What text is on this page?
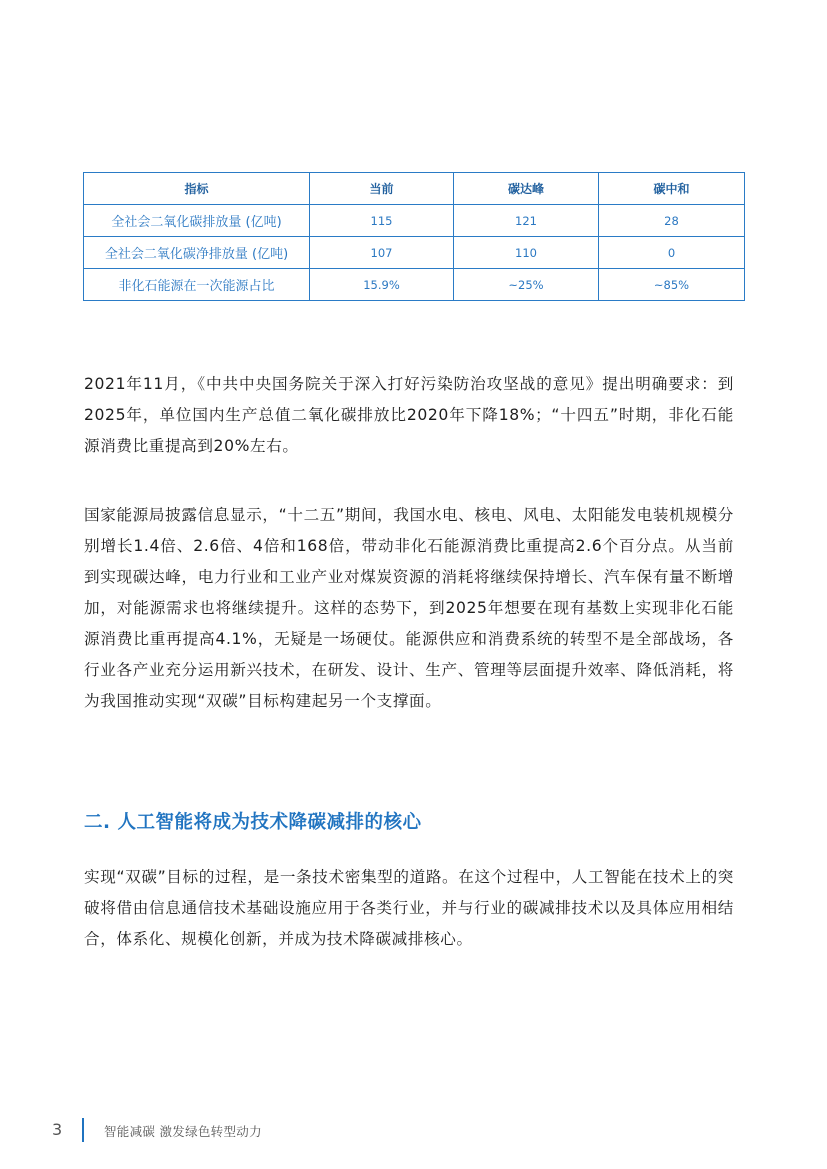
指标	当前	碳达峰	碳中和
全社会二氧化碳排放量 (亿吨)	115	121	28
全社会二氧化碳净排放量 (亿吨)	107	110	0
非化石能源在一次能源占比	15.9%	~25%	~85%

2021年11月，《中共中央国务院关于深入打好污染防治攻坚战的意见》提出明确要求：到2025年，单位国内生产总值二氧化碳排放比2020年下降18%；“十四五”时期，非化石能源消费比重提高到20%左右。

国家能源局披露信息显示，“十二五”期间，我国水电、核电、风电、太阳能发电装机规模分别增长1.4倍、2.6倍、4倍和168倍，带动非化石能源消费比重提高2.6个百分点。从当前到实现碳达峰，电力行业和工业产业对煤炭资源的消耗将继续保持增长、汽车保有量不断增加，对能源需求也将继续提升。这样的态势下，到2025年想要在现有基数上实现非化石能源消费比重再提高4.1%，无疑是一场硬仗。能源供应和消费系统的转型不是全部战场，各行业各产业充分运用新兴技术，在研发、设计、生产、管理等层面提升效率、降低消耗，将为我国推动实现“双碳”目标构建起另一个支撑面。

二. 人工智能将成为技术降碳减排的核心

实现“双碳”目标的过程，是一条技术密集型的道路。在这个过程中，人工智能在技术上的突破将借由信息通信技术基础设施应用于各类行业，并与行业的碳减排技术以及具体应用相结合，体系化、规模化创新，并成为技术降碳减排核心。

3	智能减碳 激发绿色转型动力
